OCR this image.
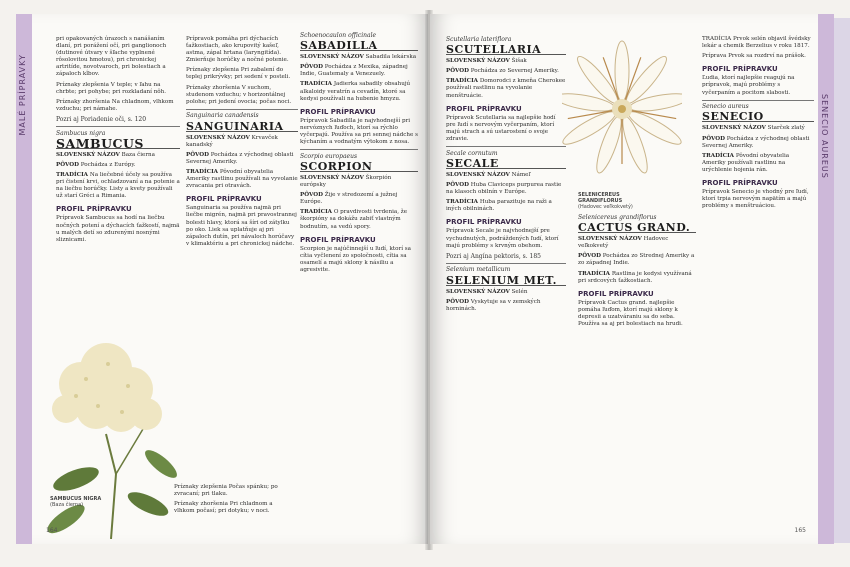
MALÉ PRÍPRAVKY

pri opakovaných úrazoch s nanášaním dlaní, pri porážení očí, pri ganglionoch (dutinové útvary v šľache vyplnené rôsolovitou hmotou), pri chronickej artritíde, novotvaroch, pri bolestiach a zápaloch kĺbov.

Príznaky zlepšenia V teple; v ľahu na chrbte; pri pohybe; pri rozkladaní nôh.

Príznaky zhoršenia Na chladnom, vlhkom vzduchu; pri námahe.

Pozri aj Poriadenie oči, s. 120

Sambucus nigra

SAMBUCUS

SLOVENSKÝ NÁZOV Baza čierna

PÔVOD Pochádza z Európy.

TRADÍCIA Na liečebné účely sa používa pri čistení krvi, ochladzovaní a na potenie a na liečbu horúčky. Listy a kvety používali už starí Gréci a Rimania.

PROFIL PRÍPRAVKU

Prípravok Sambucus sa hodí na liečbu nočných potení a dýchacích ťažkostí, najmä u malých detí so zdurenými nosnými sliznicami.

Prípravok pomáha pri dýchacích ťažkostiach, ako krupovitý kašeľ, astma, zápal hrtana (laryngitída). Zmierňuje horúčky a nočné potenie.

Príznaky zlepšenia Pri zabalení do teplej prikrývky; pri sedení v posteli.

Príznaky zhoršenia V suchom, studenom vzduchu; v horizontálnej polohe; pri jedení ovocia; počas noci.

Sanguinaria canadensis

SANGUINARIA

SLOVENSKÝ NÁZOV Krvavček kanadský

PÔVOD Pochádza z východnej oblasti Severnej Ameriky.

TRADÍCIA Pôvodní obyvatelia Ameriky rastlinu používali na vyvolanie zvracania pri otravách.

PROFIL PRÍPRAVKU

Sanguinaria sa používa najmä pri liečbe migrén, najmä pri pravostrannej bolesti hlavy, ktorá sa šíri od zátylku po oko. Liek sa uplatňuje aj pri zápaloch dutín, pri návaloch horúčavy v klimaktériu a pri chronickej nádche.

Príznaky zlepšenia Počas spánku; po zvracaní; pri tlaku.

Príznaky zhoršenia Pri chladnom a vlhkom počasí; pri dotyku; v noci.

SAMBUCUS NIGRA
(Baza čierna)
164

Schoenocaulon officinale

SABADILLA

SLOVENSKÝ NÁZOV Sabadila lekárska

PÔVOD Pochádza z Mexika, západnej Indie, Guatemaly a Venezuely.

TRADÍCIA Jadierka sabadily obsahujú alkaloidy veratrín a cevadín, ktoré sa kedysi používali na hubenie hmyzu.

PROFIL PRÍPRAVKU

Prípravok Sabadilla je najvhodnejší pri nervóznych ľuďoch, ktorí sa rýchlo vyčerpajú. Používa sa pri sennej nádche s kýchaním a vodnatým výtokom z nosa.

Scorpio europaeus

SCORPION

SLOVENSKÝ NÁZOV Škorpión európsky

PÔVOD Žije v stredozemí a južnej Európe.

TRADÍCIA O pravdivosti tvrdenia, že škorpióny sa dokážu zabiť vlastným bodnutím, sa vedú spory.

PROFIL PRÍPRAVKU

Scorpion je najúčinnejší u ľudí, ktorí sa cítia vyčlenení zo spoločnosti, cítia sa osamelí a majú sklony k násiliu a agresivite.

SENECIO AUREUS

Scutellaria lateriflora

SCUTELLARIA

SLOVENSKÝ NÁZOV Šišak

PÔVOD Pochádza zo Severnej Ameriky.

TRADÍCIA Domorodci z kmeňa Cherokee používali rastlinu na vyvolanie menštruácie.

PROFIL PRÍPRAVKU

Prípravok Scutellaria sa najlepšie hodí pre ľudí s nervovým vyčerpaním, ktorí majú strach a sú ustarostení o svoje zdravie.

Secale cornutum

SECALE

SLOVENSKÝ NÁZOV Námeľ

PÔVOD Huba Claviceps purpurea rastie na klasoch obilnín v Európe.

TRADÍCIA Huba parazituje na raži a iných obilninách.

PROFIL PRÍPRAVKU

Prípravok Secale je najvhodnejší pre vychudnutých, podráždených ľudí, ktorí majú problémy s krvným obehom.

Pozri aj Angína pektoris, s. 185

Selenium metallicum

SELENIUM MET.

SLOVENSKÝ NÁZOV Selén

PÔVOD Vyskytuje sa v zemských horninách.

SELENICEREUS GRANDIFLORUS
(Hadovec veľkokvetý)

Selenicereus grandiflorus

CACTUS GRAND.

SLOVENSKÝ NÁZOV Hadovec veľkokvetý

PÔVOD Pochádza zo Strednej Ameriky a zo západnej Indie.

TRADÍCIA Rastlina je kedysi využívaná pri srdcových ťažkostiach.

PROFIL PRÍPRAVKU

Prípravok Cactus grand. najlepšie pomáha ľuďom, ktorí majú sklony k depresii a uzatváraniu sa do seba. Používa sa aj pri bolestiach na hrudi.

TRADÍCIA Prvok selén objavil švédsky lekár a chemik Berzelius v roku 1817.

Príprava Prvok sa rozdrví na prášok.

PROFIL PRÍPRAVKU

Ľudia, ktorí najlepšie reagujú na prípravok, majú problémy s vyčerpaním a pocitom slabosti.

Senecio aureus

SENECIO

SLOVENSKÝ NÁZOV Starček zlatý

PÔVOD Pochádza z východnej oblasti Severnej Ameriky.

TRADÍCIA Pôvodní obyvatelia Ameriky používali rastlinu na urýchlenie hojenia rán.

PROFIL PRÍPRAVKU

Prípravok Senecio je vhodný pre ľudí, ktorí trpia nervovým napätím a majú problémy s menštruáciou.

165
